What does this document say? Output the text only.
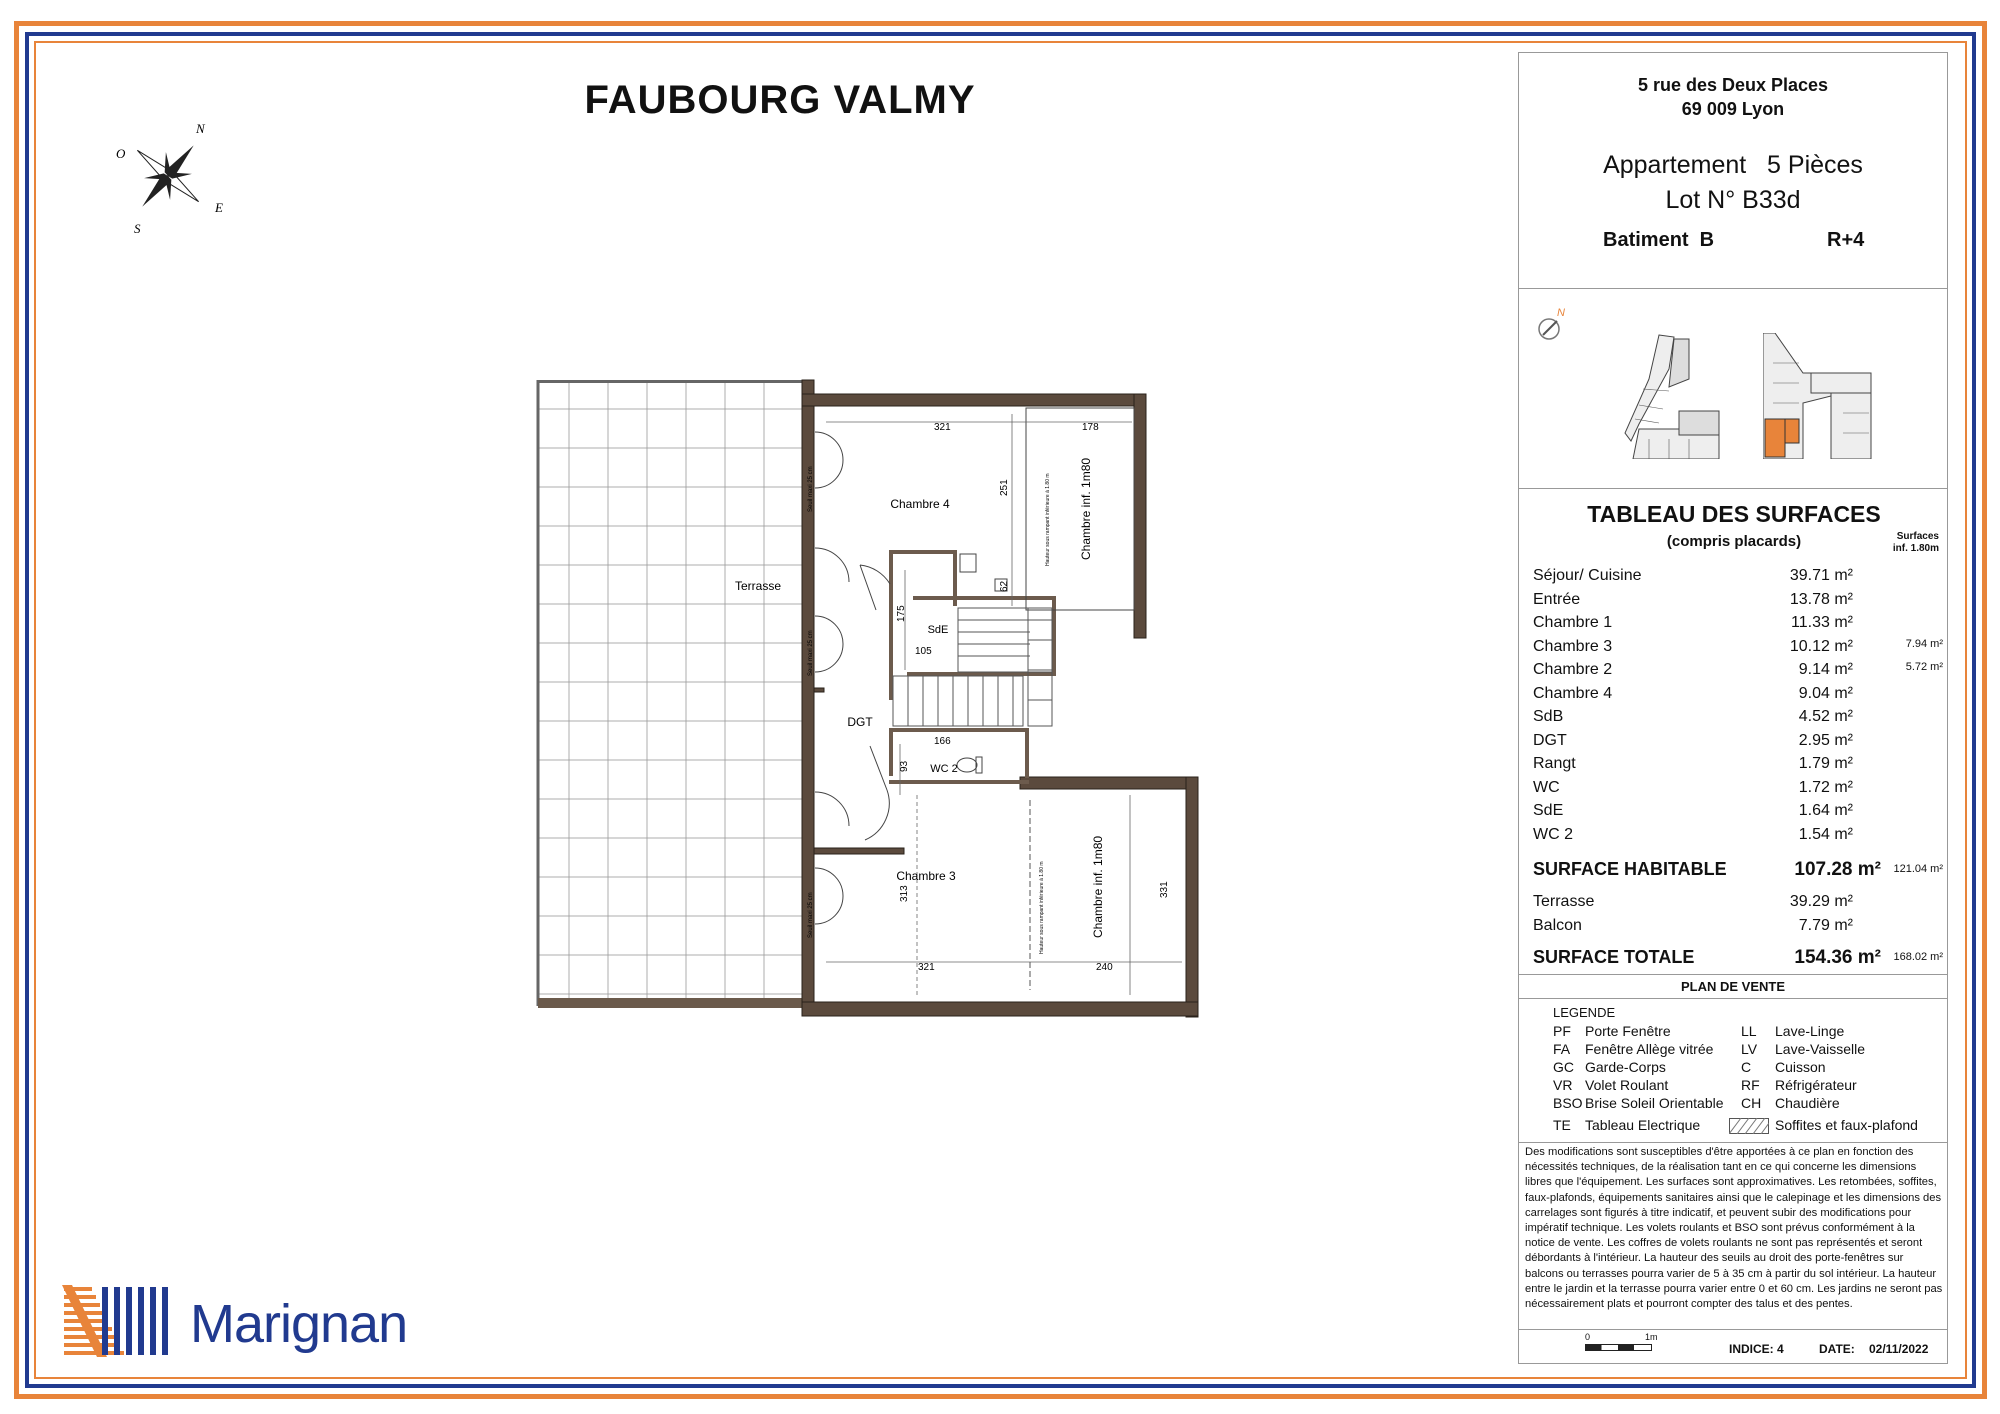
FAUBOURG VALMY
N
E
S
O
Terrasse
Chambre 4
Chambre 3
DGT
SdE
WC 2
Chambre inf. 1m80
Chambre inf. 1m80
Hauteur sous rampant inférieure à 1.80 m
Hauteur sous rampant inférieure à 1.80 m
Seuil maxi 25 cm
Seuil maxi 25 cm
Seuil maxi 25 cm
321	178
251
62
175
105
166
93
313	331
321	240
Marignan
5 rue des Deux Places
69 009 Lyon
Appartement   5 Pièces
Lot N° B33d
Batiment  B	R+4
N
TABLEAU DES SURFACES
(compris placards)	Surfaces
inf. 1.80m
Séjour/ Cuisine	39.71 m²
Entrée	13.78 m²
Chambre 1	11.33 m²
Chambre 3	10.12 m²	7.94 m²
Chambre 2	9.14 m²	5.72 m²
Chambre 4	9.04 m²
SdB	4.52 m²
DGT	2.95 m²
Rangt	1.79 m²
WC	1.72 m²
SdE	1.64 m²
WC 2	1.54 m²
SURFACE HABITABLE	107.28 m² 121.04 m²
Terrasse	39.29 m²
Balcon	7.79 m²
SURFACE TOTALE	154.36 m² 168.02 m²
PLAN DE VENTE
LEGENDE
PF Porte Fenêtre
FA Fenêtre Allège vitrée
GC Garde-Corps
VR Volet Roulant
BSO Brise Soleil Orientable
TE Tableau Electrique
LL Lave-Linge
LV Lave-Vaisselle
C Cuisson
RF Réfrigérateur
CH Chaudière
Soffites et faux-plafond
Des modifications sont susceptibles d'être apportées à ce plan en fonction des nécessités techniques, de la réalisation tant en ce qui concerne les dimensions libres que l'équipement. Les surfaces sont approximatives. Les retombées, soffites, faux-plafonds, équipements sanitaires ainsi que le calepinage et les dimensions des carrelages sont figurés à titre indicatif, et peuvent subir des modifications pour impératif technique. Les volets roulants et BSO sont prévus conformément à la notice de vente. Les coffres de volets roulants ne sont pas représentés et seront débordants à l'intérieur. La hauteur des seuils au droit des porte-fenêtres sur balcons ou terrasses pourra varier de 5 à 35 cm à partir du sol intérieur. La hauteur entre le jardin et la terrasse pourra varier entre 0 et 60 cm. Les jardins ne seront pas nécessairement plats et pourront compter des talus et des pentes.
0	1m
INDICE: 4	DATE: 02/11/2022
